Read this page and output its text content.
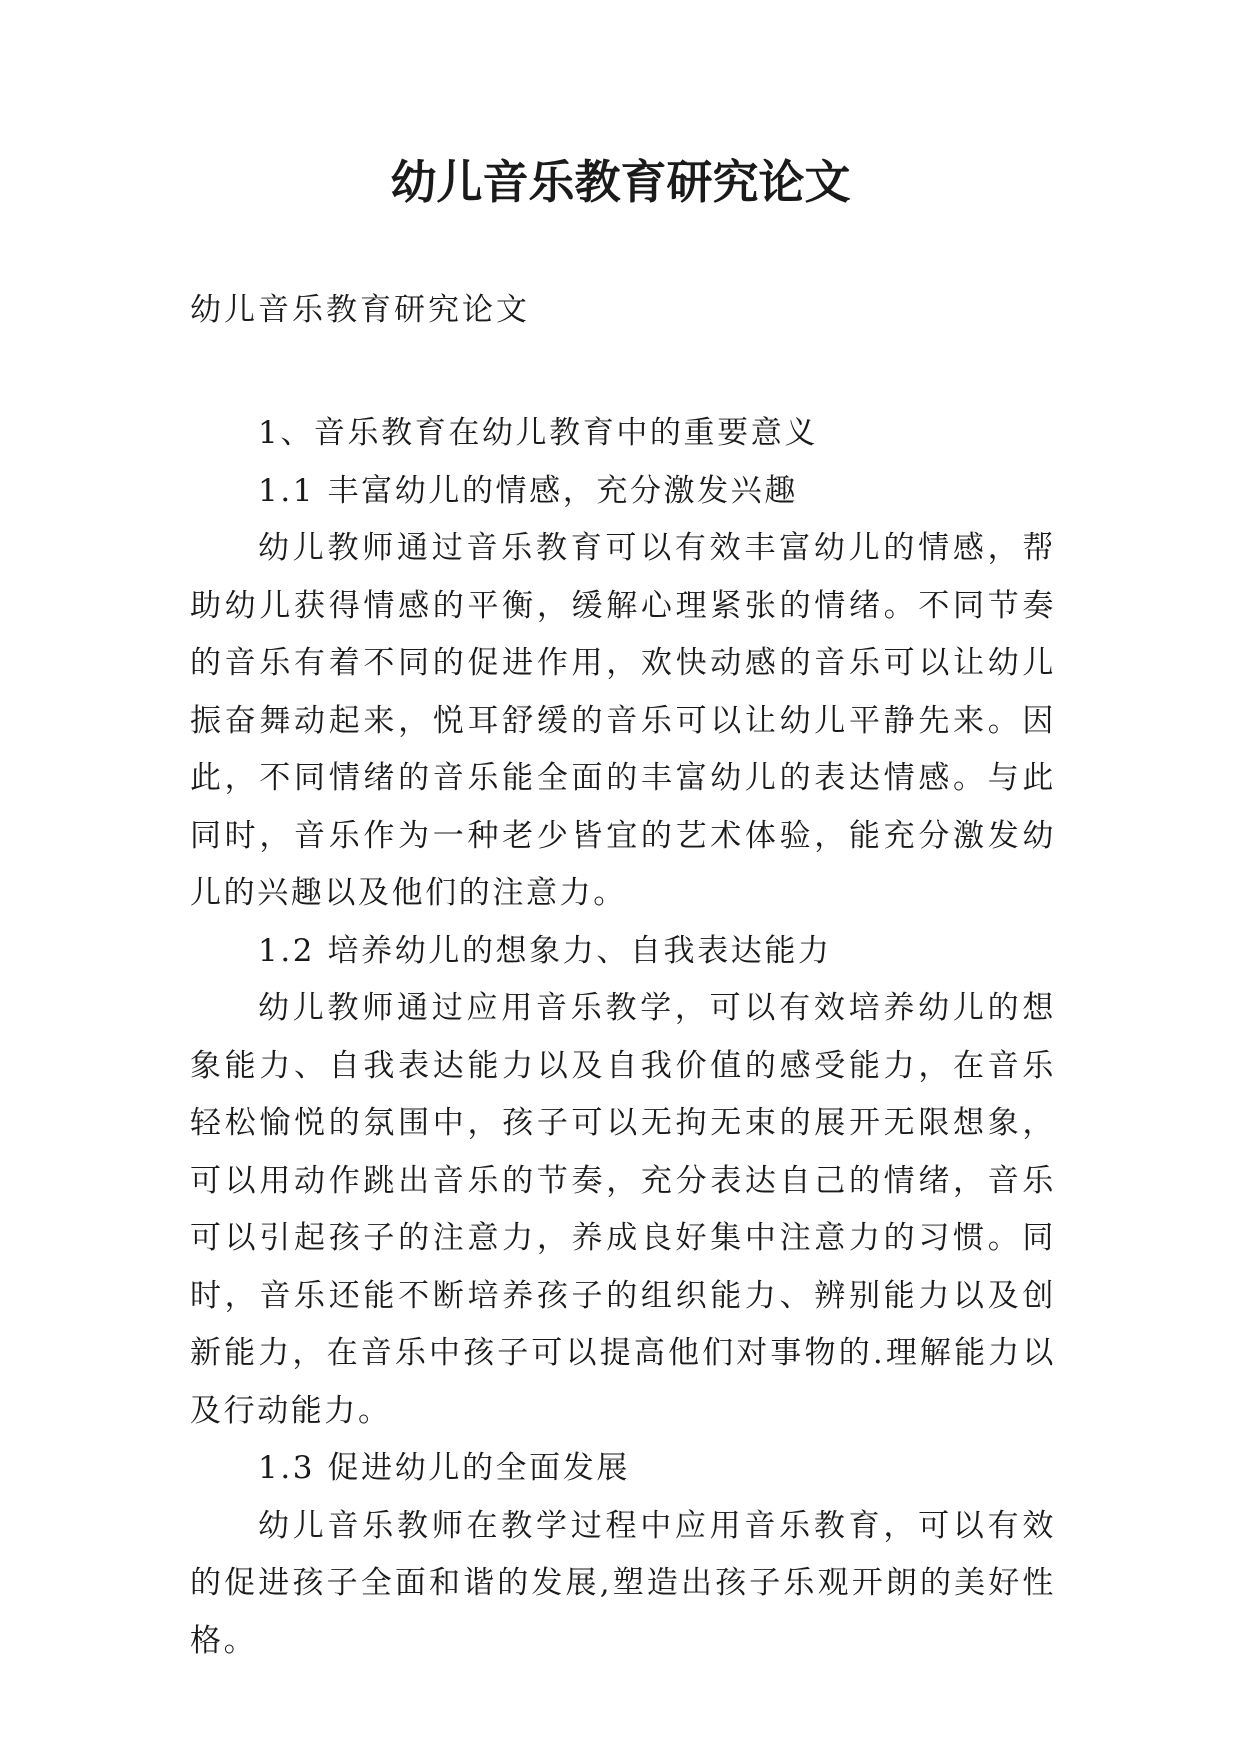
幼儿音乐教育研究论文

幼儿音乐教育研究论文

1、音乐教育在幼儿教育中的重要意义

1.1 丰富幼儿的情感，充分激发兴趣

幼儿教师通过音乐教育可以有效丰富幼儿的情感，帮助幼儿获得情感的平衡，缓解心理紧张的情绪。不同节奏的音乐有着不同的促进作用，欢快动感的音乐可以让幼儿振奋舞动起来，悦耳舒缓的音乐可以让幼儿平静先来。因此，不同情绪的音乐能全面的丰富幼儿的表达情感。与此同时，音乐作为一种老少皆宜的艺术体验，能充分激发幼儿的兴趣以及他们的注意力。

1.2 培养幼儿的想象力、自我表达能力

幼儿教师通过应用音乐教学，可以有效培养幼儿的想象能力、自我表达能力以及自我价值的感受能力，在音乐轻松愉悦的氛围中，孩子可以无拘无束的展开无限想象，可以用动作跳出音乐的节奏，充分表达自己的情绪，音乐可以引起孩子的注意力，养成良好集中注意力的习惯。同时，音乐还能不断培养孩子的组织能力、辨别能力以及创新能力，在音乐中孩子可以提高他们对事物的.理解能力以及行动能力。

1.3 促进幼儿的全面发展

幼儿音乐教师在教学过程中应用音乐教育，可以有效的促进孩子全面和谐的发展,塑造出孩子乐观开朗的美好性格。
